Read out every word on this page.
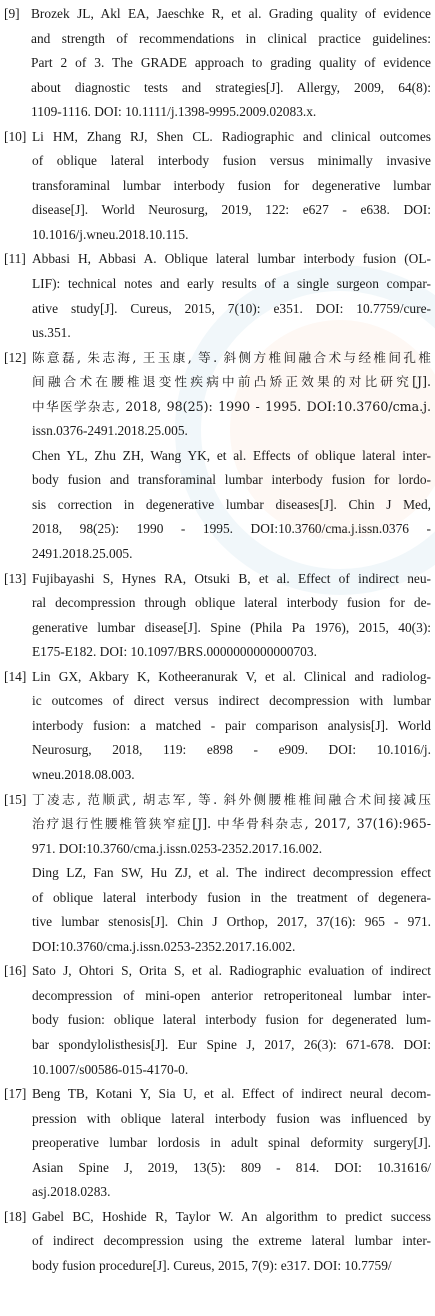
[9] Brozek JL, Akl EA, Jaeschke R, et al. Grading quality of evidence
and strength of recommendations in clinical practice guidelines:
Part 2 of 3. The GRADE approach to grading quality of evidence
about diagnostic tests and strategies[J]. Allergy, 2009, 64(8):
1109-1116. DOI: 10.1111/j.1398-9995.2009.02083.x.
[10] Li HM, Zhang RJ, Shen CL. Radiographic and clinical outcomes
of oblique lateral interbody fusion versus minimally invasive
transforaminal lumbar interbody fusion for degenerative lumbar
disease[J]. World Neurosurg, 2019, 122: e627 - e638. DOI:
10.1016/j.wneu.2018.10.115.
[11] Abbasi H, Abbasi A. Oblique lateral lumbar interbody fusion (OL-
LIF): technical notes and early results of a single surgeon compar-
ative study[J]. Cureus, 2015, 7(10): e351. DOI: 10.7759/cure-
us.351.
[12] 陈意磊, 朱志海, 王玉康, 等. 斜侧方椎间融合术与经椎间孔椎
间融合术在腰椎退变性疾病中前凸矫正效果的对比研究[J].
中华医学杂志, 2018, 98(25): 1990 - 1995. DOI:10.3760/cma.j.
issn.0376-2491.2018.25.005.
Chen YL, Zhu ZH, Wang YK, et al. Effects of oblique lateral inter-
body fusion and transforaminal lumbar interbody fusion for lordo-
sis correction in degenerative lumbar diseases[J]. Chin J Med,
2018, 98(25): 1990 - 1995. DOI:10.3760/cma.j.issn.0376 -
2491.2018.25.005.
[13] Fujibayashi S, Hynes RA, Otsuki B, et al. Effect of indirect neu-
ral decompression through oblique lateral interbody fusion for de-
generative lumbar disease[J]. Spine (Phila Pa 1976), 2015, 40(3):
E175-E182. DOI: 10.1097/BRS.0000000000000703.
[14] Lin GX, Akbary K, Kotheeranurak V, et al. Clinical and radiolog-
ic outcomes of direct versus indirect decompression with lumbar
interbody fusion: a matched - pair comparison analysis[J]. World
Neurosurg, 2018, 119: e898 - e909. DOI: 10.1016/j.
wneu.2018.08.003.
[15] 丁凌志, 范顺武, 胡志军, 等. 斜外侧腰椎椎间融合术间接减压
治疗退行性腰椎管狭窄症[J]. 中华骨科杂志, 2017, 37(16):965-
971. DOI:10.3760/cma.j.issn.0253-2352.2017.16.002.
Ding LZ, Fan SW, Hu ZJ, et al. The indirect decompression effect
of oblique lateral interbody fusion in the treatment of degenera-
tive lumbar stenosis[J]. Chin J Orthop, 2017, 37(16): 965 - 971.
DOI:10.3760/cma.j.issn.0253-2352.2017.16.002.
[16] Sato J, Ohtori S, Orita S, et al. Radiographic evaluation of indirect
decompression of mini-open anterior retroperitoneal lumbar inter-
body fusion: oblique lateral interbody fusion for degenerated lum-
bar spondylolisthesis[J]. Eur Spine J, 2017, 26(3): 671-678. DOI:
10.1007/s00586-015-4170-0.
[17] Beng TB, Kotani Y, Sia U, et al. Effect of indirect neural decom-
pression with oblique lateral interbody fusion was influenced by
preoperative lumbar lordosis in adult spinal deformity surgery[J].
Asian Spine J, 2019, 13(5): 809 - 814. DOI: 10.31616/
asj.2018.0283.
[18] Gabel BC, Hoshide R, Taylor W. An algorithm to predict success
of indirect decompression using the extreme lateral lumbar inter-
body fusion procedure[J]. Cureus, 2015, 7(9): e317. DOI: 10.7759/
